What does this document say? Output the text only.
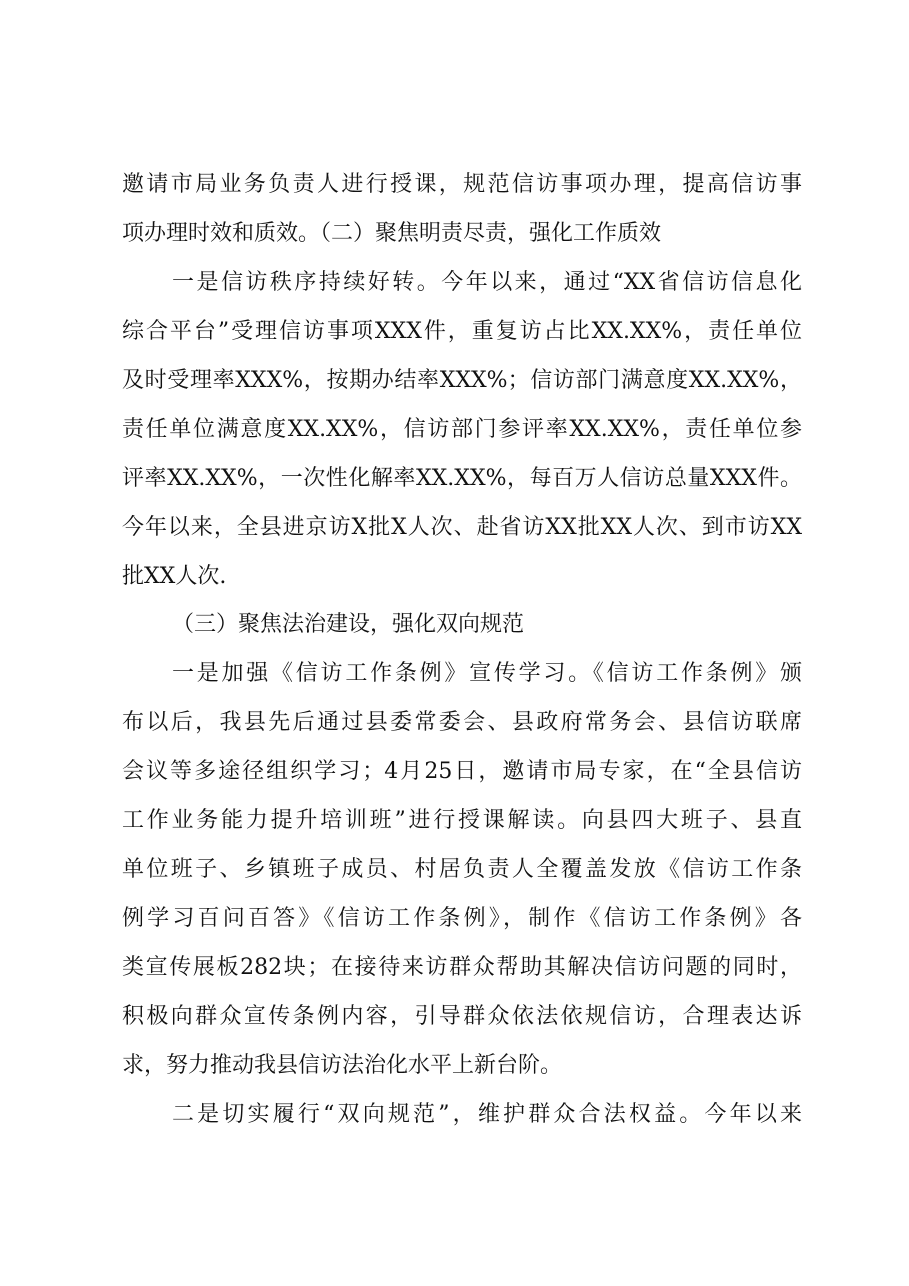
邀请市局业务负责人进行授课，规范信访事项办理，提高信访事
项办理时效和质效。（二）聚焦明责尽责，强化工作质效
一是信访秩序持续好转。今年以来，通过“XX省信访信息化
综合平台”受理信访事项XXX件，重复访占比XX.XX%，责任单位
及时受理率XXX%，按期办结率XXX%；信访部门满意度XX.XX%，
责任单位满意度XX.XX%，信访部门参评率XX.XX%，责任单位参
评率XX.XX%，一次性化解率XX.XX%，每百万人信访总量XXX件。
今年以来，全县进京访X批X人次、赴省访XX批XX人次、到市访XX
批XX人次.
（三）聚焦法治建设，强化双向规范
一是加强《信访工作条例》宣传学习。《信访工作条例》颁
布以后，我县先后通过县委常委会、县政府常务会、县信访联席
会议等多途径组织学习；4月25日，邀请市局专家，在“全县信访
工作业务能力提升培训班”进行授课解读。向县四大班子、县直
单位班子、乡镇班子成员、村居负责人全覆盖发放《信访工作条
例学习百问百答》《信访工作条例》，制作《信访工作条例》各
类宣传展板282块；在接待来访群众帮助其解决信访问题的同时，
积极向群众宣传条例内容，引导群众依法依规信访，合理表达诉
求，努力推动我县信访法治化水平上新台阶。
二是切实履行“双向规范”，维护群众合法权益。今年以来
